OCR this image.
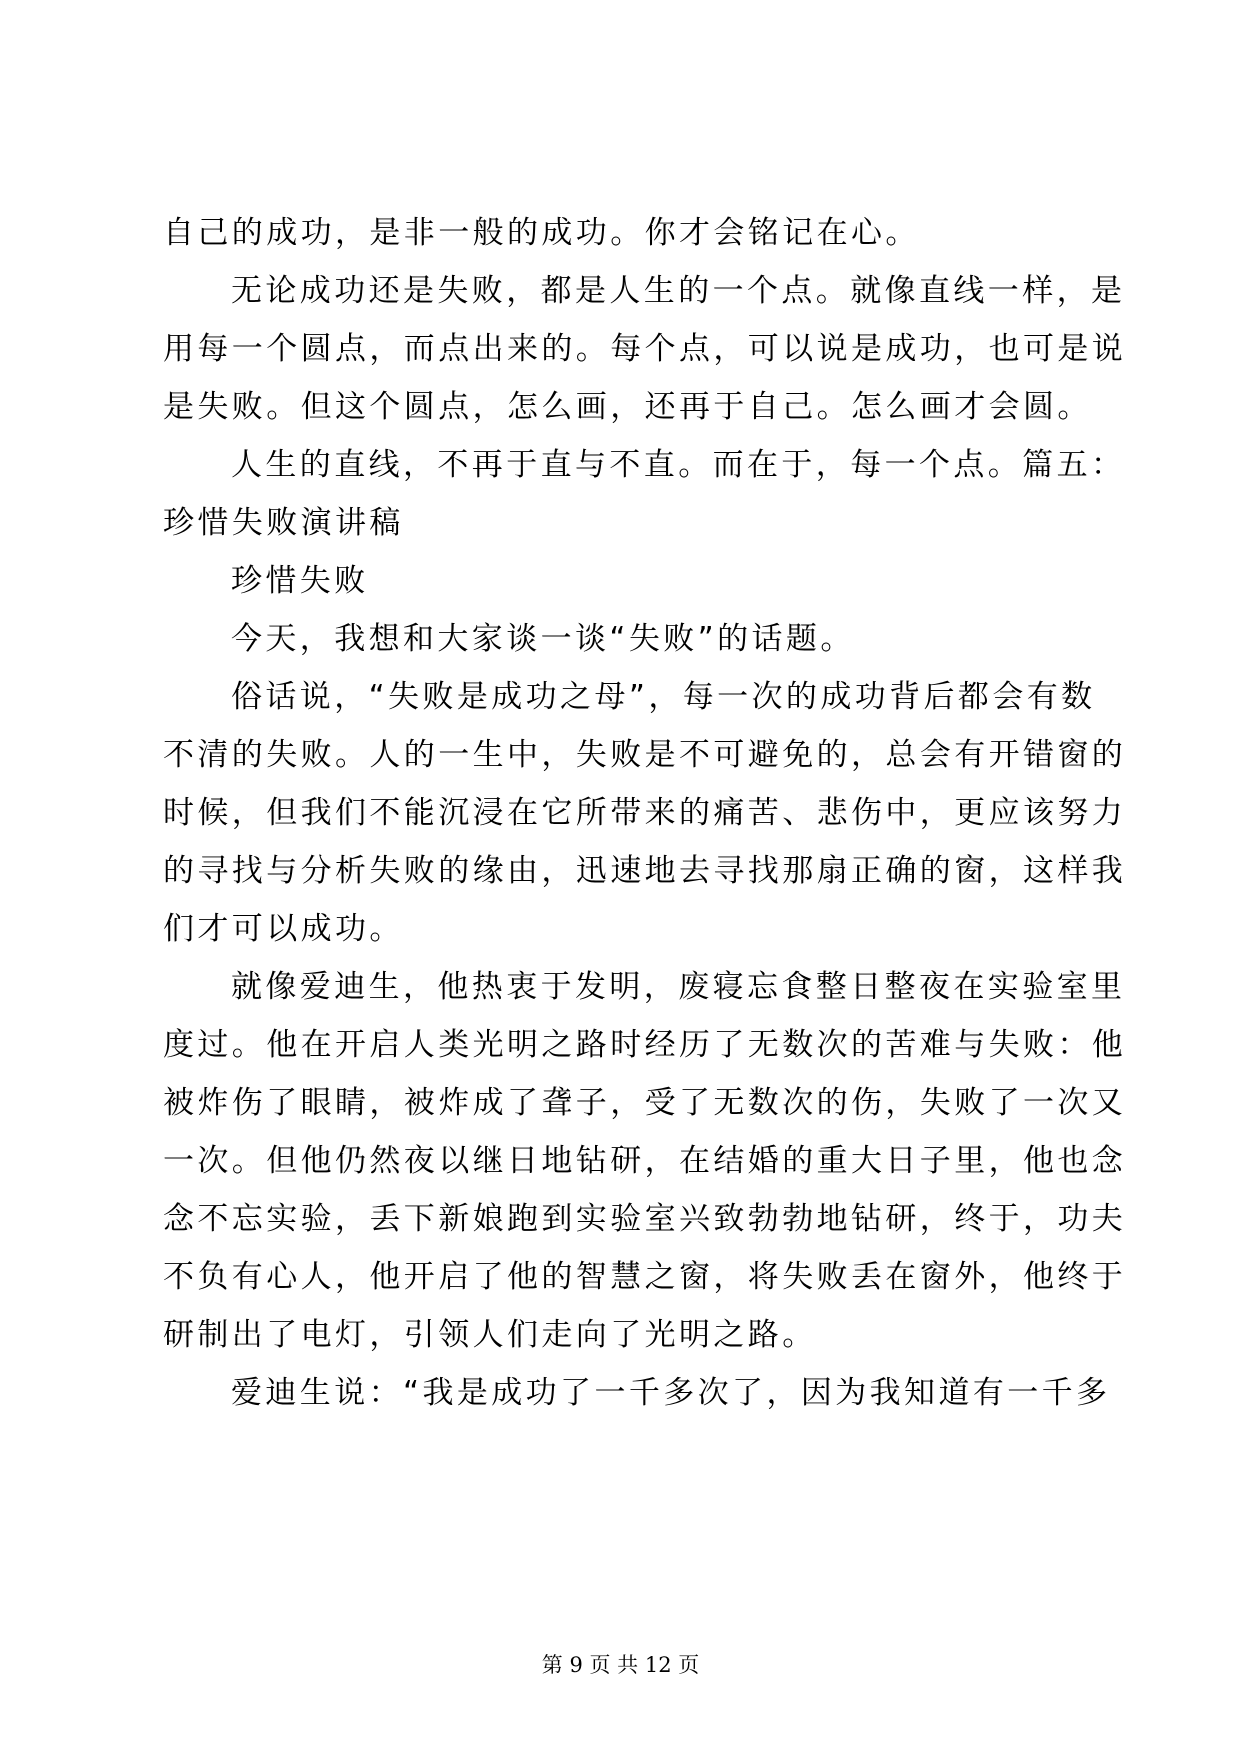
自己的成功，是非一般的成功。你才会铭记在心。
无论成功还是失败，都是人生的一个点。就像直线一样，是
用每一个圆点，而点出来的。每个点，可以说是成功，也可是说
是失败。但这个圆点，怎么画，还再于自己。怎么画才会圆。
人生的直线，不再于直与不直。而在于，每一个点。篇五：
珍惜失败演讲稿
珍惜失败
今天，我想和大家谈一谈“失败”的话题。
俗话说，“失败是成功之母”，每一次的成功背后都会有数
不清的失败。人的一生中，失败是不可避免的，总会有开错窗的
时候，但我们不能沉浸在它所带来的痛苦、悲伤中，更应该努力
的寻找与分析失败的缘由，迅速地去寻找那扇正确的窗，这样我
们才可以成功。
就像爱迪生，他热衷于发明，废寝忘食整日整夜在实验室里
度过。他在开启人类光明之路时经历了无数次的苦难与失败：他
被炸伤了眼睛，被炸成了聋子，受了无数次的伤，失败了一次又
一次。但他仍然夜以继日地钻研，在结婚的重大日子里，他也念
念不忘实验，丢下新娘跑到实验室兴致勃勃地钻研，终于，功夫
不负有心人，他开启了他的智慧之窗，将失败丢在窗外，他终于
研制出了电灯，引领人们走向了光明之路。
爱迪生说：“我是成功了一千多次了，因为我知道有一千多
第 9 页 共 12 页
